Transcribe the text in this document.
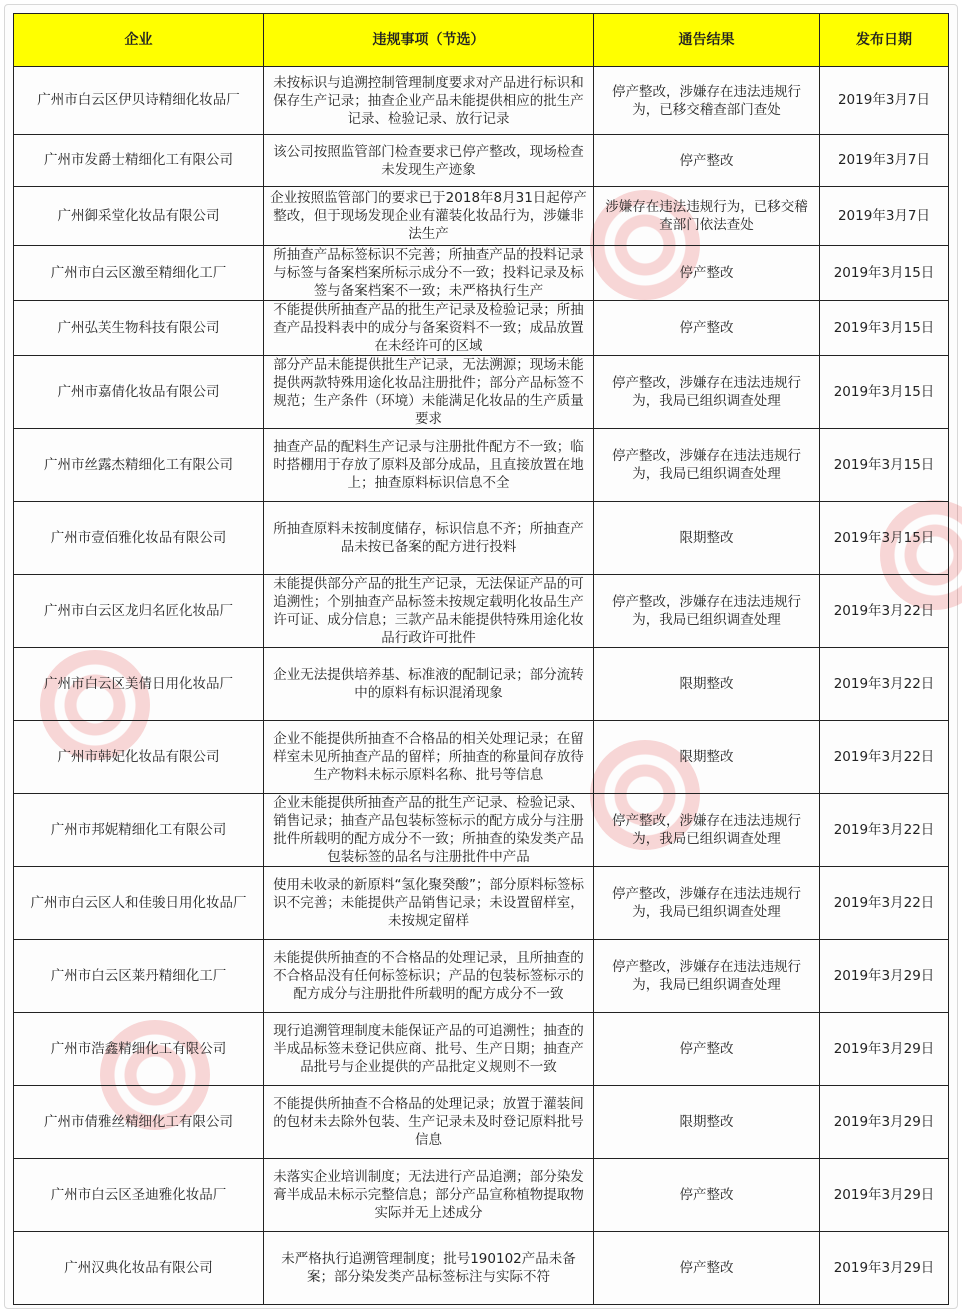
企业	违规事项（节选）	通告结果	发布日期
广州市白云区伊贝诗精细化妆品厂	未按标识与追溯控制管理制度要求对产品进行标识和保存生产记录；抽查企业产品未能提供相应的批生产记录、检验记录、放行记录	停产整改，涉嫌存在违法违规行为，已移交稽查部门查处	2019年3月7日
广州市发爵士精细化工有限公司	该公司按照监管部门检查要求已停产整改，现场检查未发现生产迹象	停产整改	2019年3月7日
广州御采堂化妆品有限公司	企业按照监管部门的要求已于2018年8月31日起停产整改，但于现场发现企业有灌装化妆品行为，涉嫌非法生产	涉嫌存在违法违规行为，已移交稽查部门依法查处	2019年3月7日
广州市白云区激至精细化工厂	所抽查产品标签标识不完善；所抽查产品的投料记录与标签与备案档案所标示成分不一致；投料记录及标签与备案档案不一致；未严格执行生产	停产整改	2019年3月15日
广州弘芙生物科技有限公司	不能提供所抽查产品的批生产记录及检验记录；所抽查产品投料表中的成分与备案资料不一致；成品放置在未经许可的区域	停产整改	2019年3月15日
广州市嘉倩化妆品有限公司	部分产品未能提供批生产记录，无法溯源；现场未能提供两款特殊用途化妆品注册批件；部分产品标签不规范；生产条件（环境）未能满足化妆品的生产质量要求	停产整改，涉嫌存在违法违规行为，我局已组织调查处理	2019年3月15日
广州市丝露杰精细化工有限公司	抽查产品的配料生产记录与注册批件配方不一致；临时搭棚用于存放了原料及部分成品，且直接放置在地上；抽查原料标识信息不全	停产整改，涉嫌存在违法违规行为，我局已组织调查处理	2019年3月15日
广州市壹佰雅化妆品有限公司	所抽查原料未按制度储存，标识信息不齐；所抽查产品未按已备案的配方进行投料	限期整改	2019年3月15日
广州市白云区龙归名匠化妆品厂	未能提供部分产品的批生产记录，无法保证产品的可追溯性；个别抽查产品标签未按规定载明化妆品生产许可证、成分信息；三款产品未能提供特殊用途化妆品行政许可批件	停产整改，涉嫌存在违法违规行为，我局已组织调查处理	2019年3月22日
广州市白云区美倩日用化妆品厂	企业无法提供培养基、标准液的配制记录；部分流转中的原料有标识混淆现象	限期整改	2019年3月22日
广州市韩妃化妆品有限公司	企业不能提供所抽查不合格品的相关处理记录；在留样室未见所抽查产品的留样；所抽查的称量间存放待生产物料未标示原料名称、批号等信息	限期整改	2019年3月22日
广州市邦妮精细化工有限公司	企业未能提供所抽查产品的批生产记录、检验记录、销售记录；抽查产品包装标签标示的配方成分与注册批件所载明的配方成分不一致；所抽查的染发类产品包装标签的品名与注册批件中产品	停产整改，涉嫌存在违法违规行为，我局已组织调查处理	2019年3月22日
广州市白云区人和佳骏日用化妆品厂	使用未收录的新原料“氢化聚癸酸”；部分原料标签标识不完善；未能提供产品销售记录；未设置留样室，未按规定留样	停产整改，涉嫌存在违法违规行为，我局已组织调查处理	2019年3月22日
广州市白云区莱丹精细化工厂	未能提供所抽查的不合格品的处理记录，且所抽查的不合格品没有任何标签标识；产品的包装标签标示的配方成分与注册批件所载明的配方成分不一致	停产整改，涉嫌存在违法违规行为，我局已组织调查处理	2019年3月29日
广州市浩鑫精细化工有限公司	现行追溯管理制度未能保证产品的可追溯性；抽查的半成品标签未登记供应商、批号、生产日期；抽查产品批号与企业提供的产品批定义规则不一致	停产整改	2019年3月29日
广州市倩雅丝精细化工有限公司	不能提供所抽查不合格品的处理记录；放置于灌装间的包材未去除外包装、生产记录未及时登记原料批号信息	限期整改	2019年3月29日
广州市白云区圣迪雅化妆品厂	未落实企业培训制度；无法进行产品追溯；部分染发膏半成品未标示完整信息；部分产品宣称植物提取物实际并无上述成分	停产整改	2019年3月29日
广州汉典化妆品有限公司	未严格执行追溯管理制度；批号190102产品未备案；部分染发类产品标签标注与实际不符	停产整改	2019年3月29日
